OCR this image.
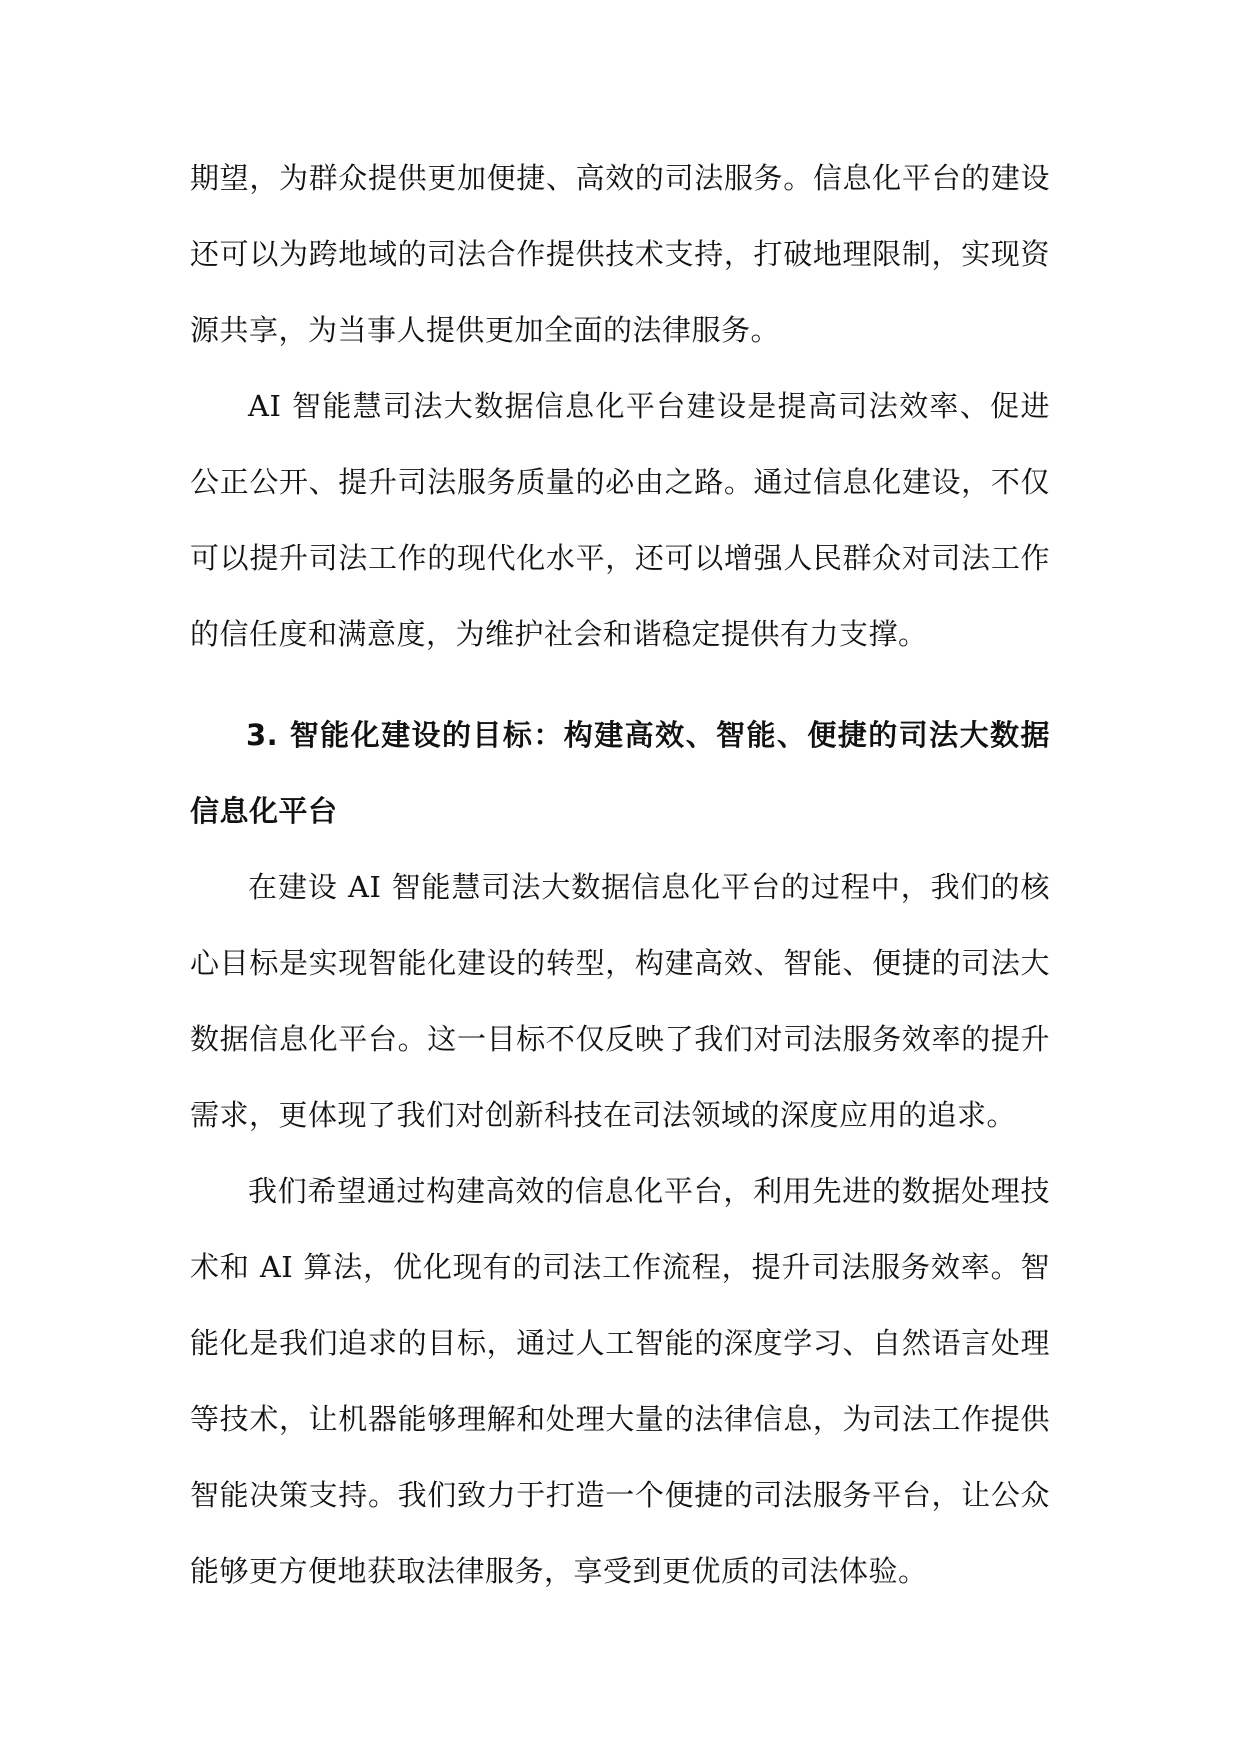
期望，为群众提供更加便捷、高效的司法服务。信息化平台的建设还可以为跨地域的司法合作提供技术支持，打破地理限制，实现资源共享，为当事人提供更加全面的法律服务。

AI 智能慧司法大数据信息化平台建设是提高司法效率、促进公正公开、提升司法服务质量的必由之路。通过信息化建设，不仅可以提升司法工作的现代化水平，还可以增强人民群众对司法工作的信任度和满意度，为维护社会和谐稳定提供有力支撑。

3. 智能化建设的目标：构建高效、智能、便捷的司法大数据信息化平台

在建设 AI 智能慧司法大数据信息化平台的过程中，我们的核心目标是实现智能化建设的转型，构建高效、智能、便捷的司法大数据信息化平台。这一目标不仅反映了我们对司法服务效率的提升需求，更体现了我们对创新科技在司法领域的深度应用的追求。

我们希望通过构建高效的信息化平台，利用先进的数据处理技术和 AI 算法，优化现有的司法工作流程，提升司法服务效率。智能化是我们追求的目标，通过人工智能的深度学习、自然语言处理等技术，让机器能够理解和处理大量的法律信息，为司法工作提供智能决策支持。我们致力于打造一个便捷的司法服务平台，让公众能够更方便地获取法律服务，享受到更优质的司法体验。
